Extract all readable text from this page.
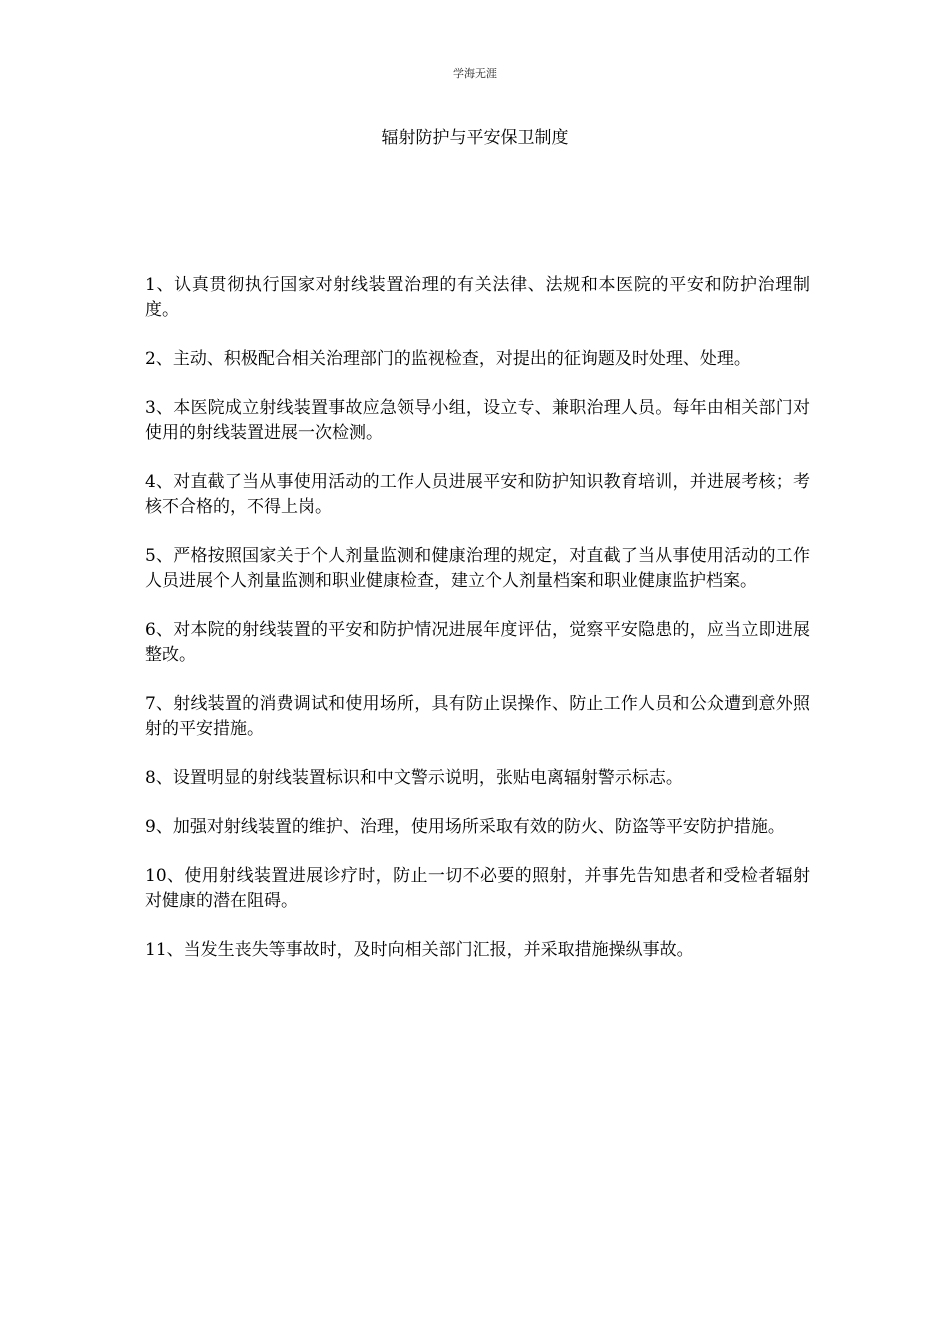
学海无涯
辐射防护与平安保卫制度

1、认真贯彻执行国家对射线装置治理的有关法律、法规和本医院的平安和防护治理制度。

2、主动、积极配合相关治理部门的监视检查，对提出的征询题及时处理、处理。

3、本医院成立射线装置事故应急领导小组，设立专、兼职治理人员。每年由相关部门对使用的射线装置进展一次检测。

4、对直截了当从事使用活动的工作人员进展平安和防护知识教育培训，并进展考核；考核不合格的，不得上岗。

5、严格按照国家关于个人剂量监测和健康治理的规定，对直截了当从事使用活动的工作人员进展个人剂量监测和职业健康检查，建立个人剂量档案和职业健康监护档案。

6、对本院的射线装置的平安和防护情况进展年度评估，觉察平安隐患的，应当立即进展整改。

7、射线装置的消费调试和使用场所，具有防止误操作、防止工作人员和公众遭到意外照射的平安措施。

8、设置明显的射线装置标识和中文警示说明，张贴电离辐射警示标志。

9、加强对射线装置的维护、治理，使用场所采取有效的防火、防盗等平安防护措施。

10、使用射线装置进展诊疗时，防止一切不必要的照射，并事先告知患者和受检者辐射对健康的潜在阻碍。

11、当发生丧失等事故时，及时向相关部门汇报，并采取措施操纵事故。
